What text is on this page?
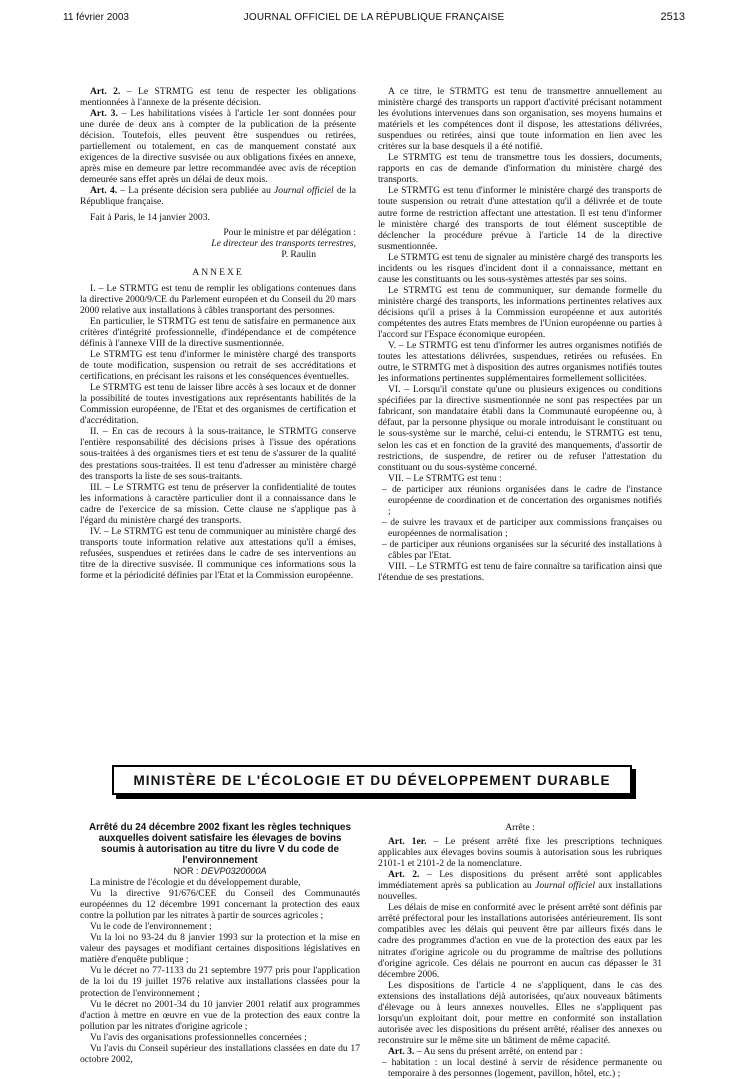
11 février 2003	JOURNAL OFFICIEL DE LA RÉPUBLIQUE FRANÇAISE	2513

Art. 2. – Le STRMTG est tenu de respecter les obligations mentionnées à l'annexe de la présente décision.

Art. 3. – Les habilitations visées à l'article 1er sont données pour une durée de deux ans à compter de la publication de la présente décision. Toutefois, elles peuvent être suspendues ou retirées, partiellement ou totalement, en cas de manquement constaté aux exigences de la directive susvisée ou aux obligations fixées en annexe, après mise en demeure par lettre recommandée avec avis de réception demeurée sans effet après un délai de deux mois.

Art. 4. – La présente décision sera publiée au Journal officiel de la République française.

Fait à Paris, le 14 janvier 2003.

Pour le ministre et par délégation :

Le directeur des transports terrestres,

P. Raulin

ANNEXE

I. – Le STRMTG est tenu de remplir les obligations contenues dans la directive 2000/9/CE du Parlement européen et du Conseil du 20 mars 2000 relative aux installations à câbles transportant des personnes.

En particulier, le STRMTG est tenu de satisfaire en permanence aux critères d'intégrité professionnelle, d'indépendance et de compétence définis à l'annexe VIII de la directive susmentionnée.

Le STRMTG est tenu d'informer le ministère chargé des transports de toute modification, suspension ou retrait de ses accréditations et certifications, en précisant les raisons et les conséquences éventuelles.

Le STRMTG est tenu de laisser libre accès à ses locaux et de donner la possibilité de toutes investigations aux représentants habilités de la Commission européenne, de l'Etat et des organismes de certification et d'accréditation.

II. – En cas de recours à la sous-traitance, le STRMTG conserve l'entière responsabilité des décisions prises à l'issue des opérations sous-traitées à des organismes tiers et est tenu de s'assurer de la qualité des prestations sous-traitées. Il est tenu d'adresser au ministère chargé des transports la liste de ses sous-traitants.

III. – Le STRMTG est tenu de préserver la confidentialité de toutes les informations à caractère particulier dont il a connaissance dans le cadre de l'exercice de sa mission. Cette clause ne s'applique pas à l'égard du ministère chargé des transports.

IV. – Le STRMTG est tenu de communiquer au ministère chargé des transports toute information relative aux attestations qu'il a émises, refusées, suspendues et retirées dans le cadre de ses interventions au titre de la directive susvisée. Il communique ces informations sous la forme et la périodicité définies par l'Etat et la Commission européenne.

A ce titre, le STRMTG est tenu de transmettre annuellement au ministère chargé des transports un rapport d'activité précisant notamment les évolutions intervenues dans son organisation, ses moyens humains et matériels et les compétences dont il dispose, les attestations délivrées, suspendues ou retirées, ainsi que toute information en lien avec les critères sur la base desquels il a été notifié.

Le STRMTG est tenu de transmettre tous les dossiers, documents, rapports en cas de demande d'information du ministère chargé des transports.

Le STRMTG est tenu d'informer le ministère chargé des transports de toute suspension ou retrait d'une attestation qu'il a délivrée et de toute autre forme de restriction affectant une attestation. Il est tenu d'informer le ministère chargé des transports de tout élément susceptible de déclencher la procédure prévue à l'article 14 de la directive susmentionnée.

Le STRMTG est tenu de signaler au ministère chargé des transports les incidents ou les risques d'incident dont il a connaissance, mettant en cause les constituants ou les sous-systèmes attestés par ses soins.

Le STRMTG est tenu de communiquer, sur demande formelle du ministère chargé des transports, les informations pertinentes relatives aux décisions qu'il a prises à la Commission européenne et aux autorités compétentes des autres Etats membres de l'Union européenne ou parties à l'accord sur l'Espace économique européen.

V. – Le STRMTG est tenu d'informer les autres organismes notifiés de toutes les attestations délivrées, suspendues, retirées ou refusées. En outre, le STRMTG met à disposition des autres organismes notifiés toutes les informations pertinentes supplémentaires formellement sollicitées.

VI. – Lorsqu'il constate qu'une ou plusieurs exigences ou conditions spécifiées par la directive susmentionnée ne sont pas respectées par un fabricant, son mandataire établi dans la Communauté européenne ou, à défaut, par la personne physique ou morale introduisant le constituant ou le sous-système sur le marché, celui-ci entendu, le STRMTG est tenu, selon les cas et en fonction de la gravité des manquements, d'assortir de restrictions, de suspendre, de retirer ou de refuser l'attestation du constituant ou du sous-système concerné.

VII. – Le STRMTG est tenu :

– de participer aux réunions organisées dans le cadre de l'instance européenne de coordination et de concertation des organismes notifiés ;

– de suivre les travaux et de participer aux commissions françaises ou européennes de normalisation ;

– de participer aux réunions organisées sur la sécurité des installations à câbles par l'Etat.

VIII. – Le STRMTG est tenu de faire connaître sa tarification ainsi que l'étendue de ses prestations.

MINISTÈRE DE L'ÉCOLOGIE ET DU DÉVELOPPEMENT DURABLE
Arrêté du 24 décembre 2002 fixant les règles techniques auxquelles doivent satisfaire les élevages de bovins soumis à autorisation au titre du livre V du code de l'environnement

NOR : DEVP0320000A

La ministre de l'écologie et du développement durable,

Vu la directive 91/676/CEE du Conseil des Communautés européennes du 12 décembre 1991 concernant la protection des eaux contre la pollution par les nitrates à partir de sources agricoles ;

Vu le code de l'environnement ;

Vu la loi no 93-24 du 8 janvier 1993 sur la protection et la mise en valeur des paysages et modifiant certaines dispositions législatives en matière d'enquête publique ;

Vu le décret no 77-1133 du 21 septembre 1977 pris pour l'application de la loi du 19 juillet 1976 relative aux installations classées pour la protection de l'environnement ;

Vu le décret no 2001-34 du 10 janvier 2001 relatif aux programmes d'action à mettre en œuvre en vue de la protection des eaux contre la pollution par les nitrates d'origine agricole ;

Vu l'avis des organisations professionnelles concernées ;

Vu l'avis du Conseil supérieur des installations classées en date du 17 octobre 2002,

Arrête :

Art. 1er. – Le présent arrêté fixe les prescriptions techniques applicables aux élevages bovins soumis à autorisation sous les rubriques 2101-1 et 2101-2 de la nomenclature.

Art. 2. – Les dispositions du présent arrêté sont applicables immédiatement après sa publication au Journal officiel aux installations nouvelles.

Les délais de mise en conformité avec le présent arrêté sont définis par arrêté préfectoral pour les installations autorisées antérieurement. Ils sont compatibles avec les délais qui peuvent être par ailleurs fixés dans le cadre des programmes d'action en vue de la protection des eaux par les nitrates d'origine agricole ou du programme de maîtrise des pollutions d'origine agricole. Ces délais ne pourront en aucun cas dépasser le 31 décembre 2006.

Les dispositions de l'article 4 ne s'appliquent, dans le cas des extensions des installations déjà autorisées, qu'aux nouveaux bâtiments d'élevage ou à leurs annexes nouvelles. Elles ne s'appliquent pas lorsqu'un exploitant doit, pour mettre en conformité son installation autorisée avec les dispositions du présent arrêté, réaliser des annexes ou reconstruire sur le même site un bâtiment de même capacité.

Art. 3. – Au sens du présent arrêté, on entend par :

– habitation : un local destiné à servir de résidence permanente ou temporaire à des personnes (logement, pavillon, hôtel, etc.) ;
